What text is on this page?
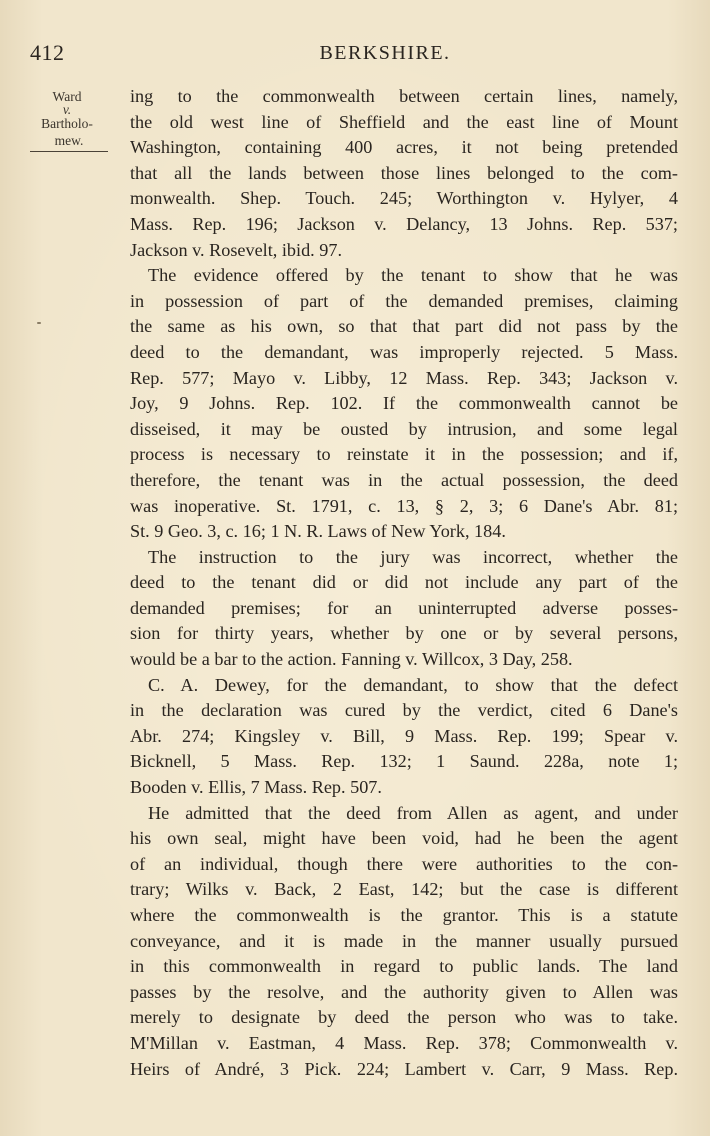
412	BERKSHIRE.
Ward
v.
Bartholo-
mew.
ing to the commonwealth between certain lines, namely,
the old west line of Sheffield and the east line of Mount
Washington, containing 400 acres, it not being pretended
that all the lands between those lines belonged to the com-
monwealth. Shep. Touch. 245; Worthington v. Hylyer, 4
Mass. Rep. 196; Jackson v. Delancy, 13 Johns. Rep. 537;
Jackson v. Rosevelt, ibid. 97.
The evidence offered by the tenant to show that he was
in possession of part of the demanded premises, claiming
the same as his own, so that that part did not pass by the
deed to the demandant, was improperly rejected. 5 Mass.
Rep. 577; Mayo v. Libby, 12 Mass. Rep. 343; Jackson v.
Joy, 9 Johns. Rep. 102. If the commonwealth cannot be
disseised, it may be ousted by intrusion, and some legal
process is necessary to reinstate it in the possession; and if,
therefore, the tenant was in the actual possession, the deed
was inoperative. St. 1791, c. 13, § 2, 3; 6 Dane's Abr. 81;
St. 9 Geo. 3, c. 16; 1 N. R. Laws of New York, 184.
The instruction to the jury was incorrect, whether the
deed to the tenant did or did not include any part of the
demanded premises; for an uninterrupted adverse posses-
sion for thirty years, whether by one or by several persons,
would be a bar to the action. Fanning v. Willcox, 3 Day, 258.
C. A. Dewey, for the demandant, to show that the defect
in the declaration was cured by the verdict, cited 6 Dane's
Abr. 274; Kingsley v. Bill, 9 Mass. Rep. 199; Spear v.
Bicknell, 5 Mass. Rep. 132; 1 Saund. 228a, note 1;
Booden v. Ellis, 7 Mass. Rep. 507.
He admitted that the deed from Allen as agent, and under
his own seal, might have been void, had he been the agent
of an individual, though there were authorities to the con-
trary; Wilks v. Back, 2 East, 142; but the case is different
where the commonwealth is the grantor. This is a statute
conveyance, and it is made in the manner usually pursued
in this commonwealth in regard to public lands. The land
passes by the resolve, and the authority given to Allen was
merely to designate by deed the person who was to take.
M'Millan v. Eastman, 4 Mass. Rep. 378; Commonwealth v.
Heirs of André, 3 Pick. 224; Lambert v. Carr, 9 Mass. Rep.
